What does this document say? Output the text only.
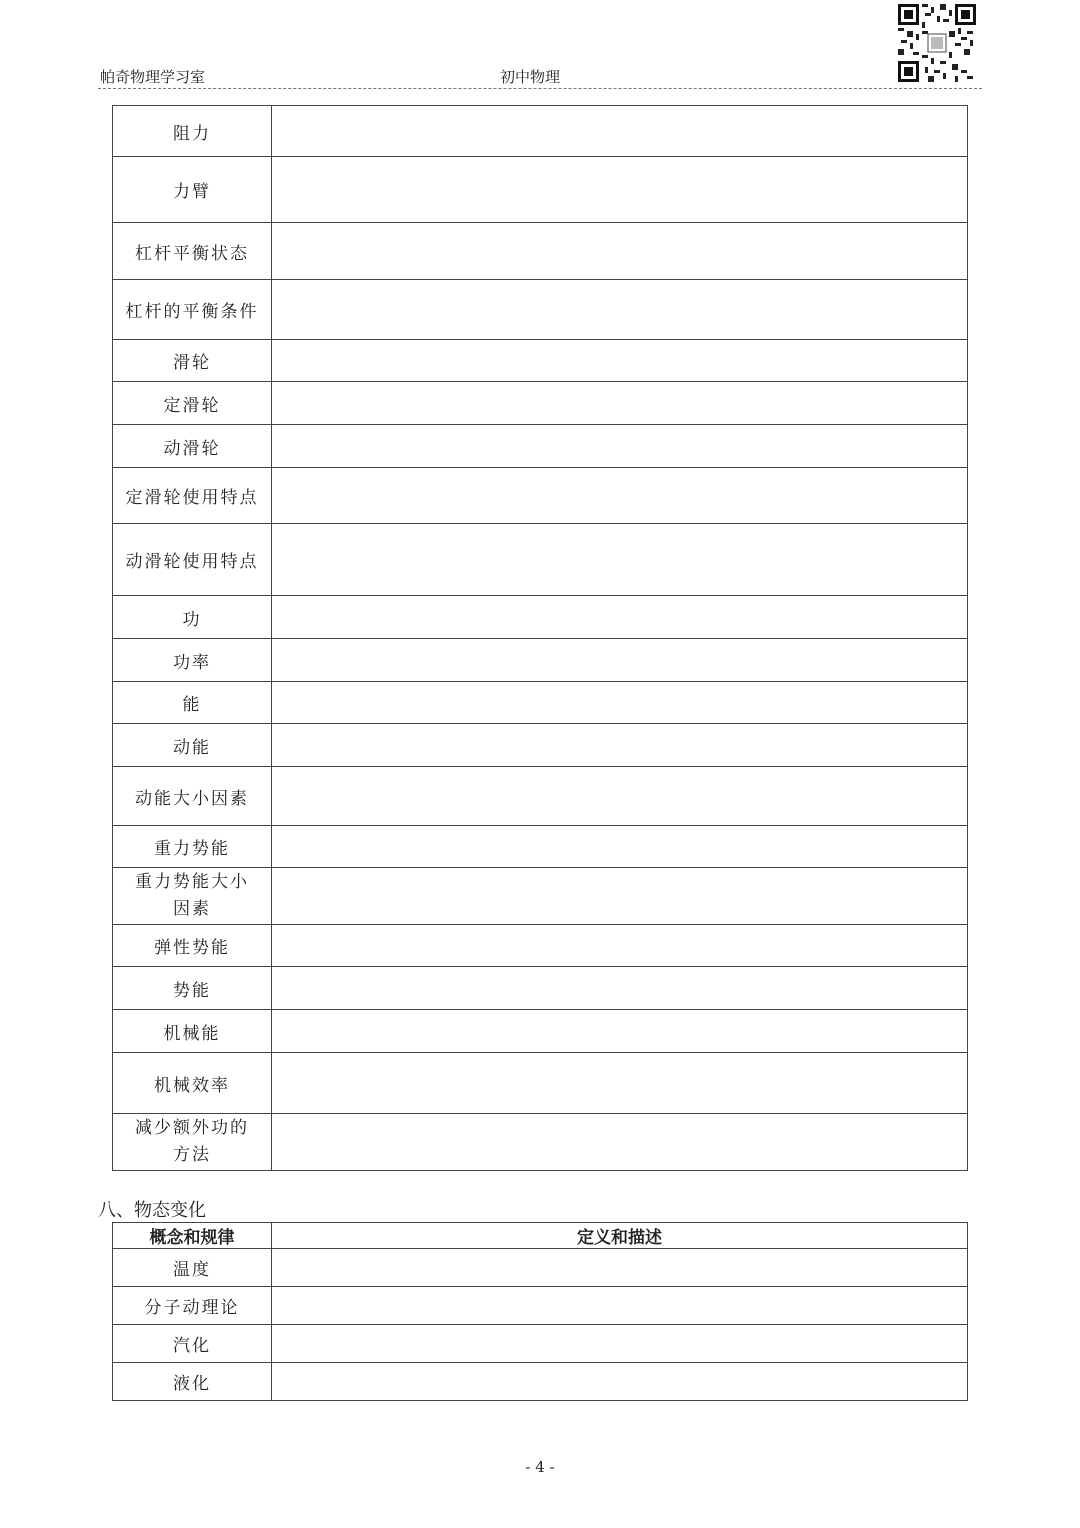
帕奇物理学习室	初中物理
阻力	
力臂	
杠杆平衡状态	
杠杆的平衡条件	
滑轮	
定滑轮	
动滑轮	
定滑轮使用特点	
动滑轮使用特点	
功	
功率	
能	
动能	
动能大小因素	
重力势能	
重力势能大小因素	
弹性势能	
势能	
机械能	
机械效率	
减少额外功的方法	
八、物态变化
概念和规律	定义和描述
温度	
分子动理论	
汽化	
液化	
- 4 -
